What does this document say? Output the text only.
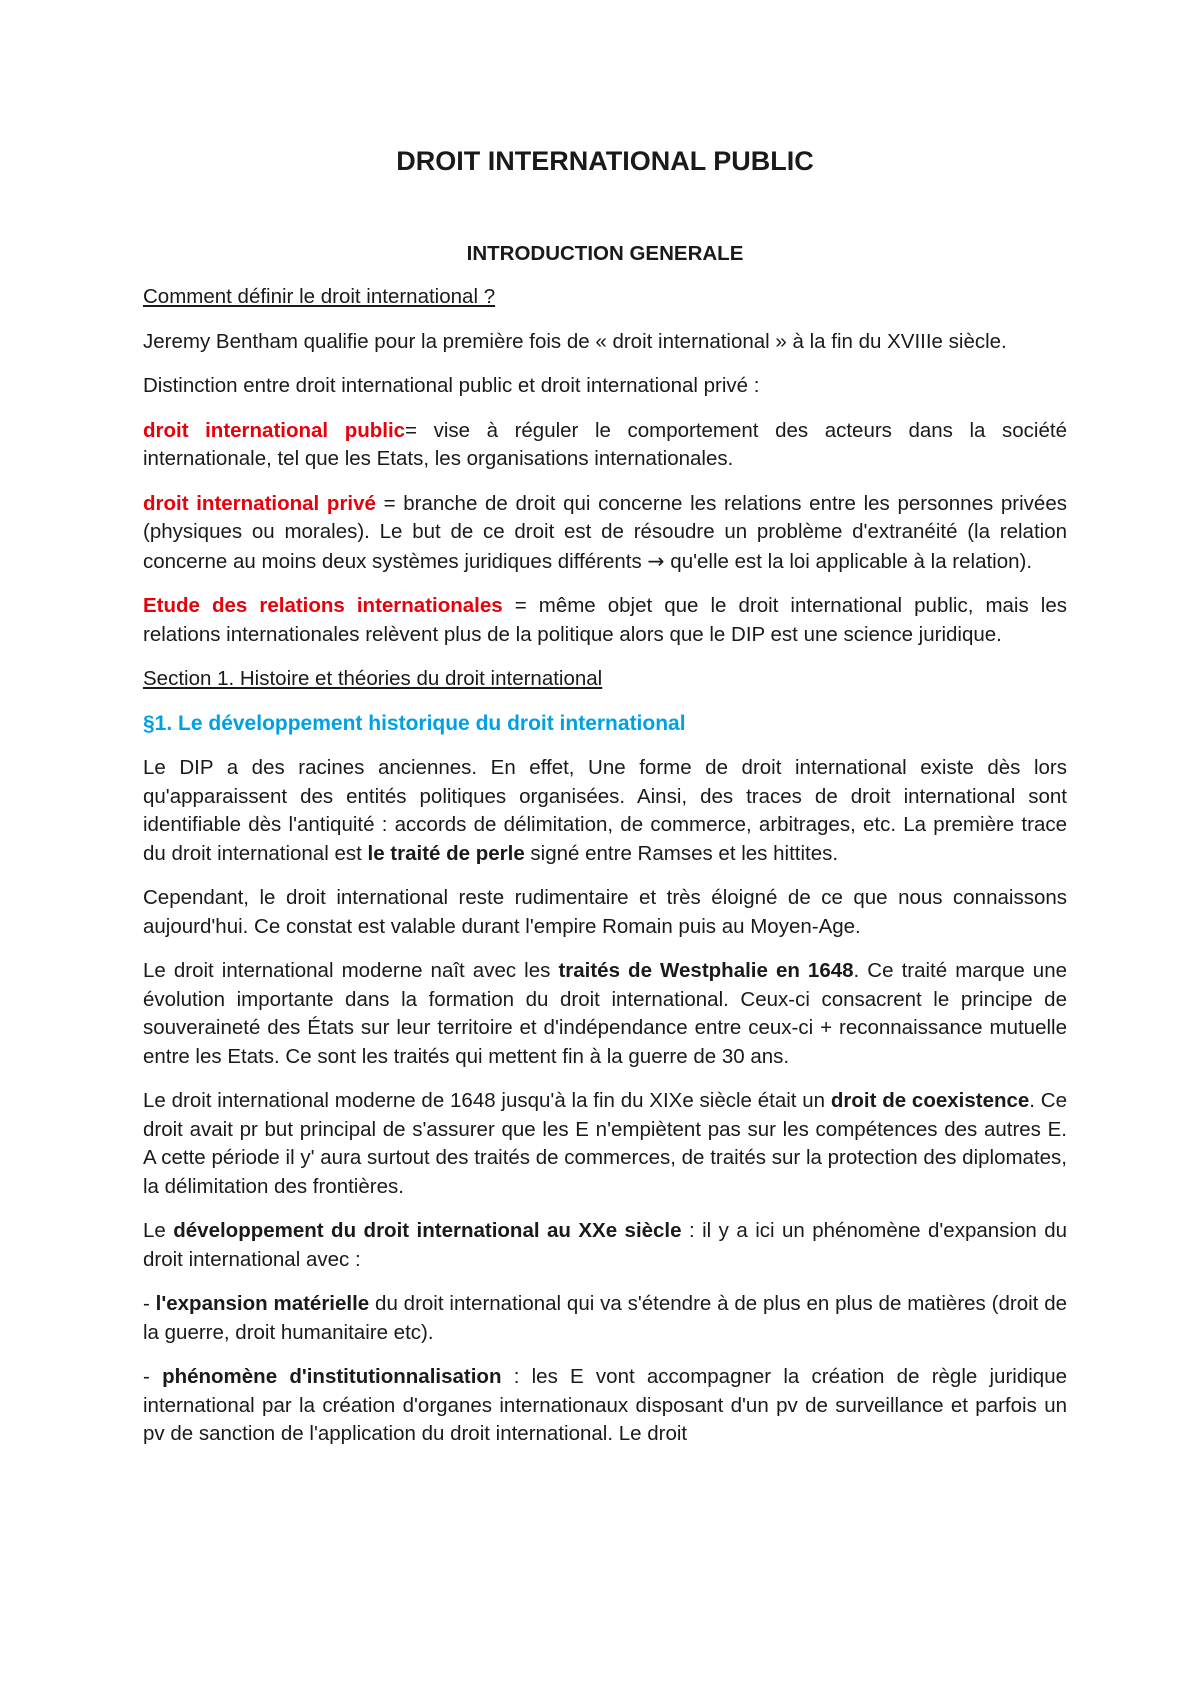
DROIT INTERNATIONAL PUBLIC
INTRODUCTION GENERALE

Comment définir le droit international ?

Jeremy Bentham qualifie pour la première fois de « droit international » à la fin du XVIIIe siècle.

Distinction entre droit international public et droit international privé :

droit international public= vise à réguler le comportement des acteurs dans la société internationale, tel que les Etats, les organisations internationales.

droit international privé = branche de droit qui concerne les relations entre les personnes privées (physiques ou morales). Le but de ce droit est de résoudre un problème d'extranéité (la relation concerne au moins deux systèmes juridiques différents → qu'elle est la loi applicable à la relation).

Etude des relations internationales = même objet que le droit international public, mais les relations internationales relèvent plus de la politique alors que le DIP est une science juridique.

Section 1. Histoire et théories du droit international

§1. Le développement historique du droit international

Le DIP a des racines anciennes. En effet, Une forme de droit international existe dès lors qu'apparaissent des entités politiques organisées. Ainsi, des traces de droit international sont identifiable dès l'antiquité : accords de délimitation, de commerce, arbitrages, etc. La première trace du droit international est le traité de perle signé entre Ramses et les hittites.

Cependant, le droit international reste rudimentaire et très éloigné de ce que nous connaissons aujourd'hui. Ce constat est valable durant l'empire Romain puis au Moyen-Age.

Le droit international moderne naît avec les traités de Westphalie en 1648. Ce traité marque une évolution importante dans la formation du droit international. Ceux-ci consacrent le principe de souveraineté des États sur leur territoire et d'indépendance entre ceux-ci + reconnaissance mutuelle entre les Etats. Ce sont les traités qui mettent fin à la guerre de 30 ans.

Le droit international moderne de 1648 jusqu'à la fin du XIXe siècle était un droit de coexistence. Ce droit avait pr but principal de s'assurer que les E n'empiètent pas sur les compétences des autres E. A cette période il y' aura surtout des traités de commerces, de traités sur la protection des diplomates, la délimitation des frontières.

Le développement du droit international au XXe siècle : il y a ici un phénomène d'expansion du droit international avec :

- l'expansion matérielle du droit international qui va s'étendre à de plus en plus de matières (droit de la guerre, droit humanitaire etc).

- phénomène d'institutionnalisation : les E vont accompagner la création de règle juridique international par la création d'organes internationaux disposant d'un pv de surveillance et parfois un pv de sanction de l'application du droit international. Le droit
